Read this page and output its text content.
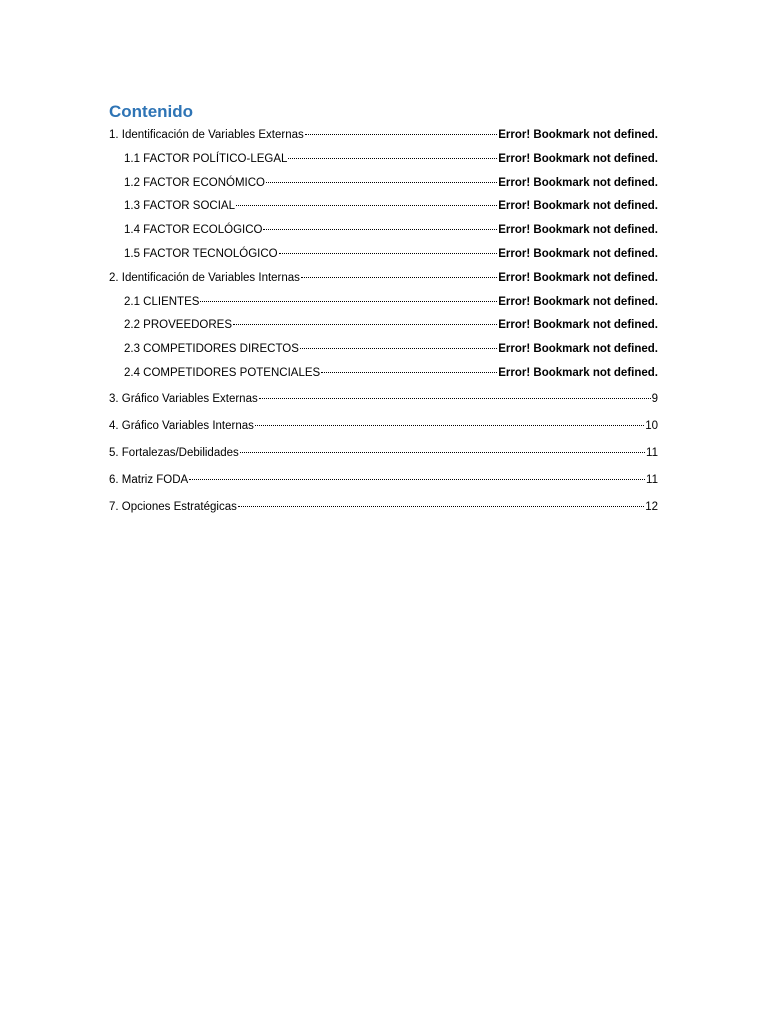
Contenido
1. Identificación de Variables Externas	Error! Bookmark not defined.
1.1 FACTOR POLÍTICO-LEGAL	Error! Bookmark not defined.
1.2 FACTOR ECONÓMICO	Error! Bookmark not defined.
1.3 FACTOR SOCIAL	Error! Bookmark not defined.
1.4 FACTOR ECOLÓGICO	Error! Bookmark not defined.
1.5 FACTOR TECNOLÓGICO	Error! Bookmark not defined.
2. Identificación de Variables Internas	Error! Bookmark not defined.
2.1 CLIENTES	Error! Bookmark not defined.
2.2 PROVEEDORES	Error! Bookmark not defined.
2.3 COMPETIDORES DIRECTOS	Error! Bookmark not defined.
2.4 COMPETIDORES POTENCIALES	Error! Bookmark not defined.
3. Gráfico Variables Externas	9
4. Gráfico Variables Internas	10
5. Fortalezas/Debilidades	11
6. Matriz FODA	11
7. Opciones Estratégicas	12
